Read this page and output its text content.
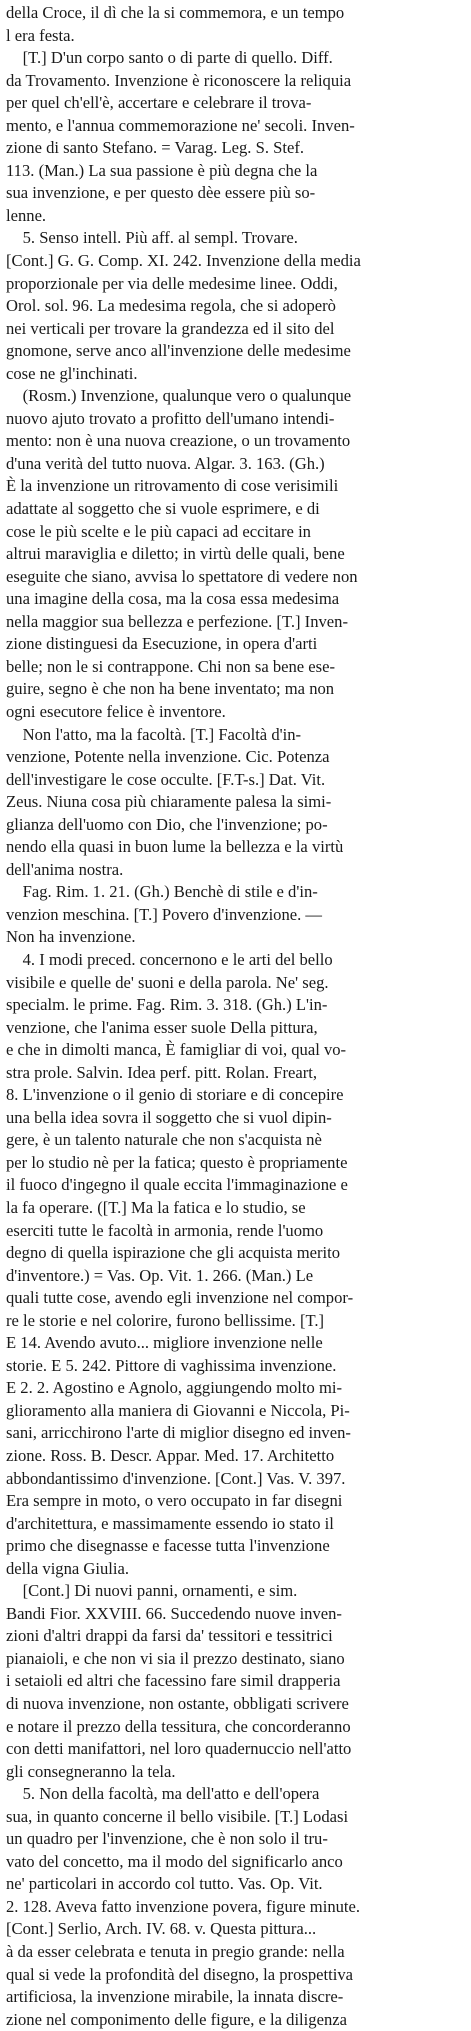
della Croce, il dì che la si commemora, e un tempo
l era festa.
[T.] D'un corpo santo o di parte di quello. Diff.
da Trovamento. Invenzione è riconoscere la reliquia
per quel ch'ell'è, accertare e celebrare il trova-
mento, e l'annua commemorazione ne' secoli. Inven-
zione di santo Stefano. = Varag. Leg. S. Stef.
113. (Man.) La sua passione è più degna che la
sua invenzione, e per questo dèe essere più so-
lenne.
5. Senso intell. Più aff. al sempl. Trovare.
[Cont.] G. G. Comp. XI. 242. Invenzione della media
proporzionale per via delle medesime linee. Oddi,
Orol. sol. 96. La medesima regola, che si adoperò
nei verticali per trovare la grandezza ed il sito del
gnomone, serve anco all'invenzione delle medesime
cose ne gl'inchinati.
(Rosm.) Invenzione, qualunque vero o qualunque
nuovo ajuto trovato a profitto dell'umano intendi-
mento: non è una nuova creazione, o un trovamento
d'una verità del tutto nuova. Algar. 3. 163. (Gh.)
È la invenzione un ritrovamento di cose verisimili
adattate al soggetto che si vuole esprimere, e di
cose le più scelte e le più capaci ad eccitare in
altrui maraviglia e diletto; in virtù delle quali, bene
eseguite che siano, avvisa lo spettatore di vedere non
una imagine della cosa, ma la cosa essa medesima
nella maggior sua bellezza e perfezione. [T.] Inven-
zione distinguesi da Esecuzione, in opera d'arti
belle; non le si contrappone. Chi non sa bene ese-
guire, segno è che non ha bene inventato; ma non
ogni esecutore felice è inventore.
Non l'atto, ma la facoltà. [T.] Facoltà d'in-
venzione, Potente nella invenzione. Cic. Potenza
dell'investigare le cose occulte. [F.T-s.] Dat. Vit.
Zeus. Niuna cosa più chiaramente palesa la simi-
glianza dell'uomo con Dio, che l'invenzione; po-
nendo ella quasi in buon lume la bellezza e la virtù
dell'anima nostra.
Fag. Rim. 1. 21. (Gh.) Benchè di stile e d'in-
venzion meschina. [T.] Povero d'invenzione. —
Non ha invenzione.
4. I modi preced. concernono e le arti del bello
visibile e quelle de' suoni e della parola. Ne' seg.
specialm. le prime. Fag. Rim. 3. 318. (Gh.) L'in-
venzione, che l'anima esser suole Della pittura,
e che in dimolti manca, È famigliar di voi, qual vo-
stra prole. Salvin. Idea perf. pitt. Rolan. Freart,
8. L'invenzione o il genio di storiare e di concepire
una bella idea sovra il soggetto che si vuol dipin-
gere, è un talento naturale che non s'acquista nè
per lo studio nè per la fatica; questo è propriamente
il fuoco d'ingegno il quale eccita l'immaginazione e
la fa operare. ([T.] Ma la fatica e lo studio, se
eserciti tutte le facoltà in armonia, rende l'uomo
degno di quella ispirazione che gli acquista merito
d'inventore.) = Vas. Op. Vit. 1. 266. (Man.) Le
quali tutte cose, avendo egli invenzione nel compor-
re le storie e nel colorire, furono bellissime. [T.]
E 14. Avendo avuto... migliore invenzione nelle
storie. E 5. 242. Pittore di vaghissima invenzione.
E 2. 2. Agostino e Agnolo, aggiungendo molto mi-
glioramento alla maniera di Giovanni e Niccola, Pi-
sani, arricchirono l'arte di miglior disegno ed inven-
zione. Ross. B. Descr. Appar. Med. 17. Architetto
abbondantissimo d'invenzione. [Cont.] Vas. V. 397.
Era sempre in moto, o vero occupato in far disegni
d'architettura, e massimamente essendo io stato il
primo che disegnasse e facesse tutta l'invenzione
della vigna Giulia.
[Cont.] Di nuovi panni, ornamenti, e sim.
Bandi Fior. XXVIII. 66. Succedendo nuove inven-
zioni d'altri drappi da farsi da' tessitori e tessitrici
pianaioli, e che non vi sia il prezzo destinato, siano
i setaioli ed altri che facessino fare simil drapperia
di nuova invenzione, non ostante, obbligati scrivere
e notare il prezzo della tessitura, che concorderanno
con detti manifattori, nel loro quadernuccio nell'atto
gli consegneranno la tela.
5. Non della facoltà, ma dell'atto e dell'opera
sua, in quanto concerne il bello visibile. [T.] Lodasi
un quadro per l'invenzione, che è non solo il tru-
vato del concetto, ma il modo del significarlo anco
ne' particolari in accordo col tutto. Vas. Op. Vit.
2. 128. Aveva fatto invenzione povera, figure minute.
[Cont.] Serlio, Arch. IV. 68. v. Questa pittura...
à da esser celebrata e tenuta in pregio grande: nella
qual si vede la profondità del disegno, la prospettiva
artificiosa, la invenzione mirabile, la innata discre-
zione nel componimento delle figure, e la diligenza
